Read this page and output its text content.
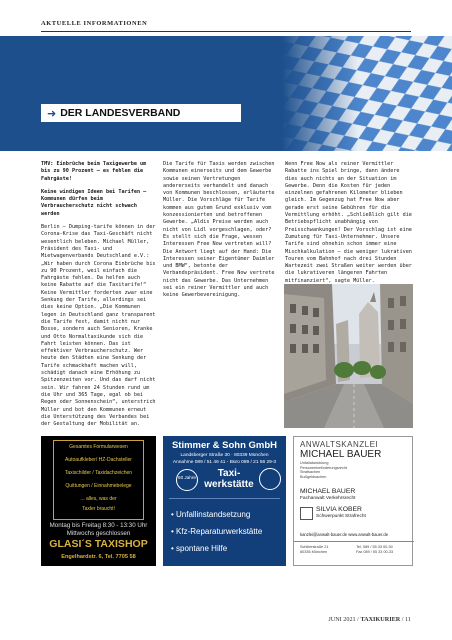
AKTUELLE INFORMATIONEN
➜ DER LANDESVERBAND

TMV: Einbrüche beim Taxigewerbe um bis zu 90 Prozent – es fehlen die Fahrgäste!

Keine windigen Ideen bei Tarifen – Kommunen dürfen beim Verbraucherschutz nicht schwach werden

Berlin – Dumping-tarife können in der Corona-Krise das Taxi-Geschäft nicht wesentlich beleben. Michael Müller, Präsident des Taxi- und Mietwagenverbands Deutschland e.V.: „Wir haben durch Corona Einbrüche bis zu 90 Prozent, weil einfach die Fahrgäste fehlen. Da helfen auch keine Rabatte auf die Taxitarife!“ Keine Vermittler forderten zwar eine Senkung der Tarife, allerdings sei dies keine Option. „Die Kommunen legen in Deutschland ganz transparent die Tarife fest, damit nicht nur Bosse, sondern auch Senioren, Kranke und Otto Normaltaxikunde sich die Fahrt leisten können. Das ist effektiver Verbraucherschutz. Wer heute den Städten eine Senkung der Tarife schmackhaft machen will, schädigt danach eine Erhöhung zu Spitzenzeiten vor. Und das darf nicht sein. Wir fahren 24 Stunden rund um die Uhr und 365 Tage, egal ob bei Regen oder Sonnenschein“, unterstrich Müller und bot den Kommunen erneut die Unterstützung des Verbandes bei der Gestaltung der Mobilität an.

Die Tarife für Taxis werden zwischen Kommunen einerseits und dem Gewerbe sowie seinen Vertretungen andererseits verhandelt und danach von Kommunen beschlossen, erläuterte Müller. Die Vorschläge für Tarife kommen aus gutem Grund exklusiv vom konzessionierten und betroffenen Gewerbe. „Aldis Preise werden auch nicht von Lidl vorgeschlagen, oder? Es stellt sich die Frage, wessen Interessen Free Now vertreten will? Die Antwort liegt auf der Hand: Die Interessen seiner Eigentümer Daimler und BMW“, betonte der Verbandspräsident. Free Now vertrete nicht das Gewerbe. Das Unternehmen sei ein reiner Vermittler und auch keine Gewerbevereinigung.

Wenn Free Now als reiner Vermittler Rabatte ins Spiel bringe, dann ändere dies auch nichts an der Situation im Gewerbe. Denn die Kosten für jeden einzelnen gefahrenen Kilometer blieben gleich. Im Gegenzug hat Free Now aber gerade erst seine Gebühren für die Vermittlung erhöht. „Schließlich gilt die Betriebspflicht unabhängig von Preisschwankungen! Der Vorschlag ist eine Zumutung für Taxi-Unternehmer. Unsere Tarife sind ohnehin schon immer eine Mischkalkulation – die weniger lukrativen Touren vom Bahnhof nach drei Stunden Wartezeit zwei Straßen weiter werden über die lukrativeren längeren Fahrten mitfinanziert“, sagte Müller.

Gesamtes Formularwesen
Autoaufkleber/ HZ-Dachsteller
Taxischilder / Taxidachzeichen
Quittungen / Einnahmebelege
... alles, was der
Taxler braucht!
Montag bis Freitag 8:30 - 13:30 Uhr
Mittwochs geschlossen
GLASI´S TAXISHOP
Engelhardstr. 6, Tel. 7705 58
Stimmer & Sohn GmbH
Landsberger Straße 30 · 80339 München
Annahme 089 / 51 46 41 - Büro 089 / 21 56 29-3
60 Jahre	Taxi-
werkstätte
• Unfallinstandsetzung
• Kfz-Reparaturwerkstätte
• spontane Hilfe
ANWALTSKANZLEI
MICHAEL BAUER
Unfallabwicklung
Personenbeförderungsrecht
Strafsachen
Bußgeldsachen
MICHAEL BAUER
Fachanwalt Verkehrsrecht
SILVIA KOBER
Schwerpunkt Strafrecht
kanzlei@anwalt-bauer.de www.anwalt-bauer.de
Schillerstraße 21
80336 München
Tel. 089 / 55 33 00-30
Fax 089 / 55 33 00-33
JUNI 2021 / TAXIKURIER / 11
